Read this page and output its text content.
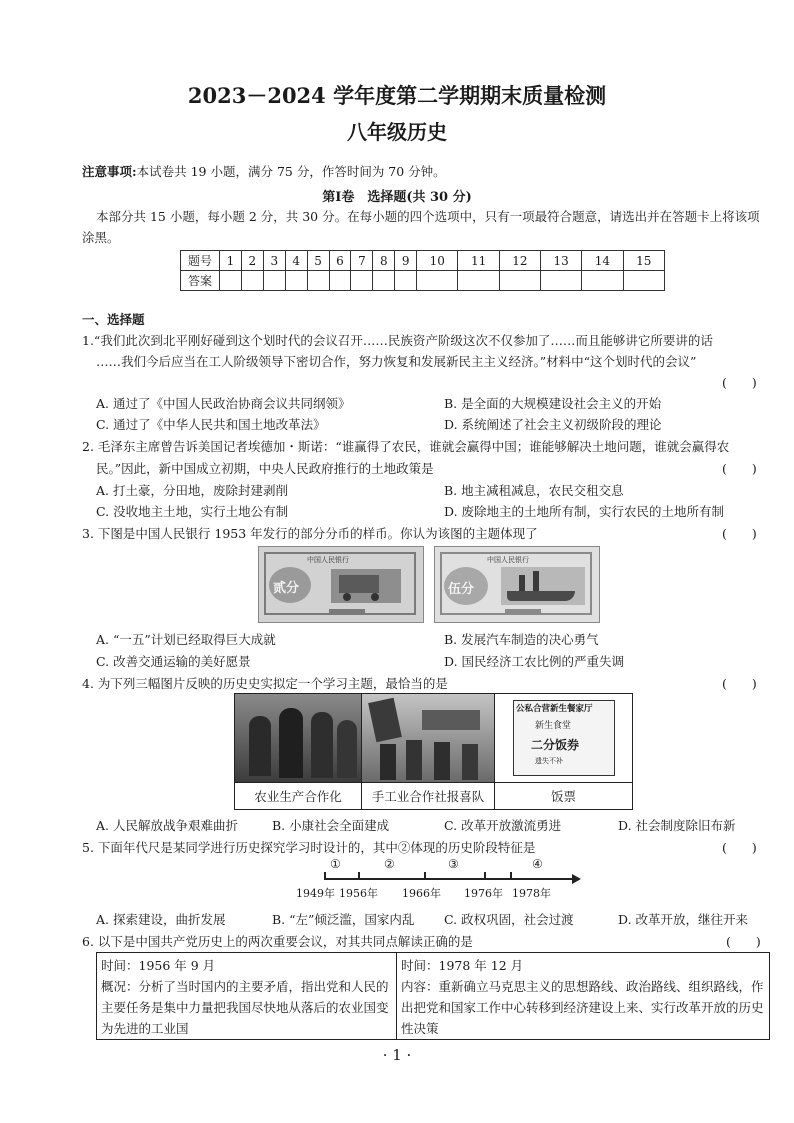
2023－2024 学年度第二学期期末质量检测
八年级历史
注意事项:本试卷共 19 小题，满分 75 分，作答时间为 70 分钟。
第Ⅰ卷　选择题(共 30 分)
本部分共 15 小题，每小题 2 分，共 30 分。在每小题的四个选项中，只有一项最符合题意，请选出并在答题卡上将该项
涂黑。
题号	1	2	3	4	5	6	7	8	9	10	11	12	13	14	15
答案															
一、选择题
1.“我们此次到北平刚好碰到这个划时代的会议召开……民族资产阶级这次不仅参加了……而且能够讲它所要讲的话
……我们今后应当在工人阶级领导下密切合作，努力恢复和发展新民主主义经济。”材料中“这个划时代的会议”
(　　)
A. 通过了《中国人民政治协商会议共同纲领》	B. 是全面的大规模建设社会主义的开始
C. 通过了《中华人民共和国土地改革法》	D. 系统阐述了社会主义初级阶段的理论
2. 毛泽东主席曾告诉美国记者埃德加・斯诺：“谁赢得了农民，谁就会赢得中国；谁能够解决土地问题，谁就会赢得农
民。”因此，新中国成立初期，中央人民政府推行的土地政策是	(　　)
A. 打土豪，分田地，废除封建剥削	B. 地主减租减息，农民交租交息
C. 没收地主土地，实行土地公有制	D. 废除地主的土地所有制，实行农民的土地所有制
3. 下图是中国人民银行 1953 年发行的部分分币的样币。你认为该图的主题体现了	(　　)
中国人民银行
贰分
中国人民银行
伍分
A. “一五”计划已经取得巨大成就	B. 发展汽车制造的决心勇气
C. 改善交通运输的美好愿景	D. 国民经济工农比例的严重失调
4. 为下列三幅图片反映的历史史实拟定一个学习主题，最恰当的是	(　　)
公私合营新生餐家厅
新生食堂
二分饭券
遗失不补
农业生产合作化	手工业合作社报喜队	饭票
A. 人民解放战争艰难曲折	B. 小康社会全面建成	C. 改革开放激流勇进	D. 社会制度除旧布新
5. 下面年代尺是某同学进行历史探究学习时设计的，其中②体现的历史阶段特征是	(　　)
①	②	③	④
1949年 1956年 1966年 1976年 1978年
A. 探索建设，曲折发展	B. “左”倾泛滥，国家内乱 C. 政权巩固，社会过渡	D. 改革开放，继往开来
6. 以下是中国共产党历史上的两次重要会议，对其共同点解读正确的是	(　　)
时间：1956 年 9 月
概况：分析了当时国内的主要矛盾，指出党和人民的主要任务是集中力量把我国尽快地从落后的农业国变为先进的工业国
时间：1978 年 12 月
内容：重新确立马克思主义的思想路线、政治路线、组织路线，作出把党和国家工作中心转移到经济建设上来、实行改革开放的历史性决策
· 1 ·
